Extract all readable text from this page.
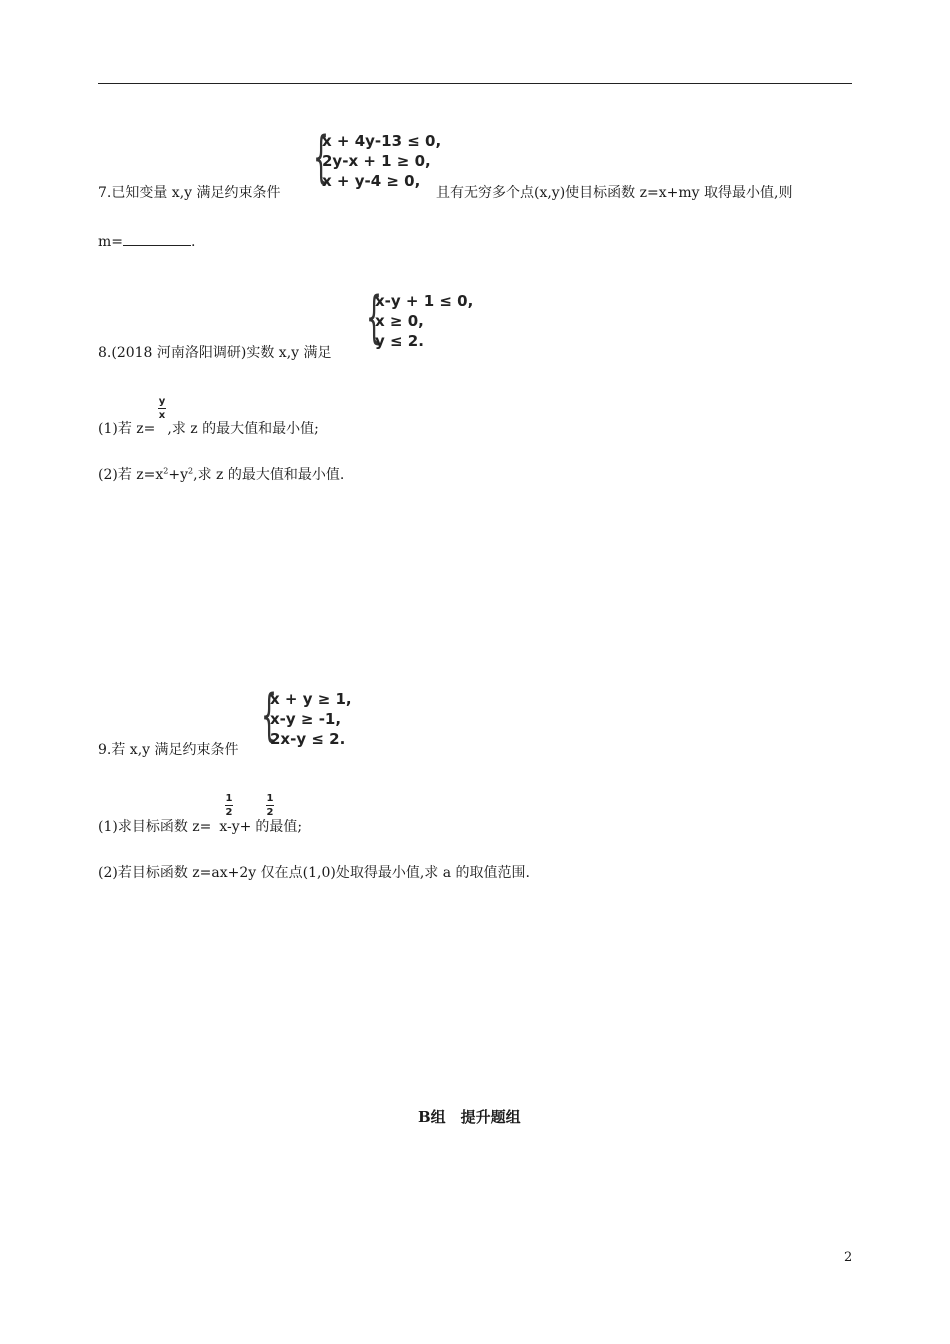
{
x + 4y-13 ≤ 0,
2y-x + 1 ≥ 0,
x + y-4 ≥ 0,
7.已知变量 x,y 满足约束条件	且有无穷多个点(x,y)使目标函数 z=x+my 取得最小值,则
m=	.
{
x-y + 1 ≤ 0,
x ≥ 0,
y ≤ 2.
8.(2018 河南洛阳调研)实数 x,y 满足
y
x
(1)若 z= ,求 z 的最大值和最小值;
(2)若 $z=x^2+y^2$,求 z 的最大值和最小值.
{
x + y ≥ 1,
x-y ≥ -1,
2x-y ≤ 2.
9.若 x,y 满足约束条件
1
2
1
2
(1)求目标函数 z= x-y+ 的最值;
(2)若目标函数 z=ax+2y 仅在点(1,0)处取得最小值,求 a 的取值范围.
B组　提升题组
2
